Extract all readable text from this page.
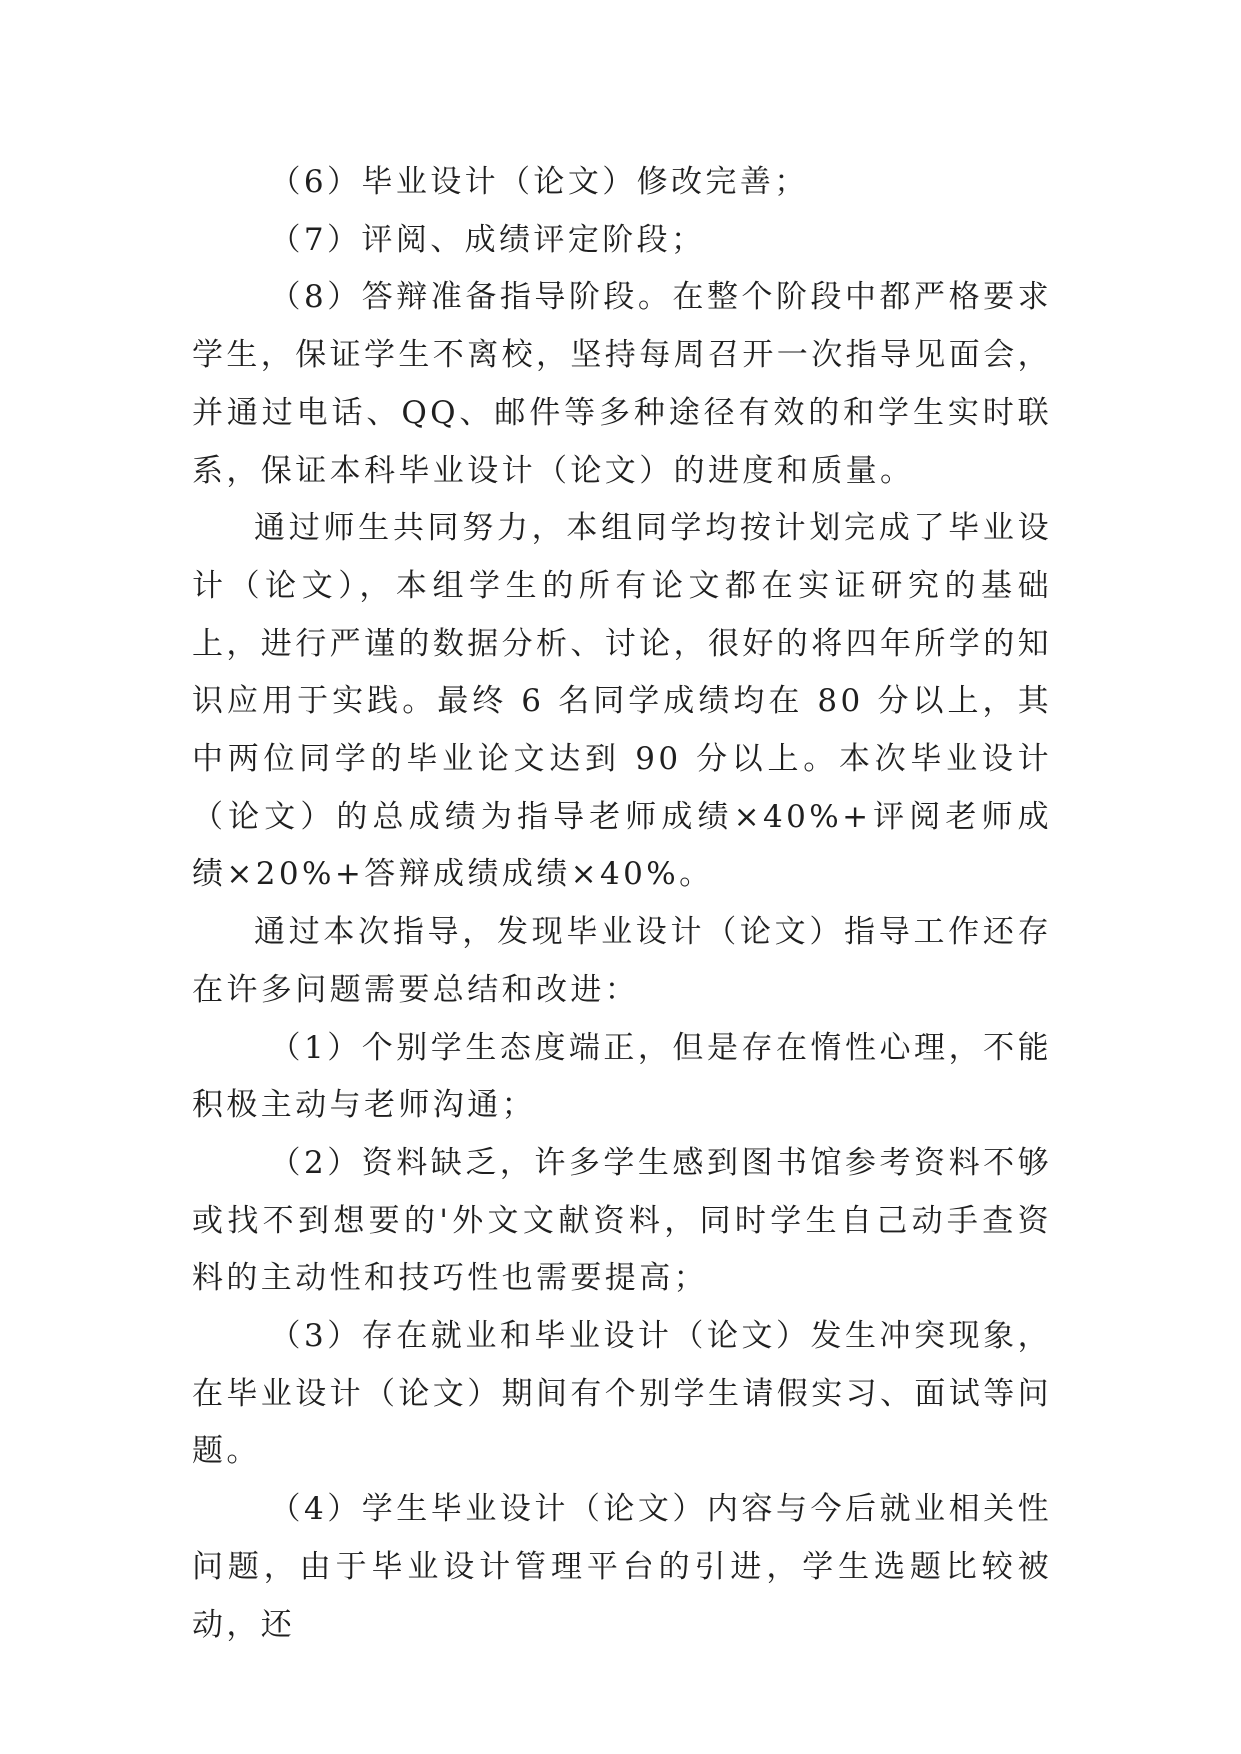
（6）毕业设计（论文）修改完善；

（7）评阅、成绩评定阶段；

（8）答辩准备指导阶段。在整个阶段中都严格要求学生，保证学生不离校，坚持每周召开一次指导见面会，并通过电话、QQ、邮件等多种途径有效的和学生实时联系，保证本科毕业设计（论文）的进度和质量。

通过师生共同努力，本组同学均按计划完成了毕业设计（论文），本组学生的所有论文都在实证研究的基础上，进行严谨的数据分析、讨论，很好的将四年所学的知识应用于实践。最终 6 名同学成绩均在 80 分以上，其中两位同学的毕业论文达到 90 分以上。本次毕业设计（论文）的总成绩为指导老师成绩×40%+评阅老师成绩×20%+答辩成绩成绩×40%。

通过本次指导，发现毕业设计（论文）指导工作还存在许多问题需要总结和改进：

（1）个别学生态度端正，但是存在惰性心理，不能积极主动与老师沟通；

（2）资料缺乏，许多学生感到图书馆参考资料不够或找不到想要的'外文文献资料，同时学生自己动手查资料的主动性和技巧性也需要提高；

（3）存在就业和毕业设计（论文）发生冲突现象，在毕业设计（论文）期间有个别学生请假实习、面试等问题。

（4）学生毕业设计（论文）内容与今后就业相关性问题，由于毕业设计管理平台的引进，学生选题比较被动，还
